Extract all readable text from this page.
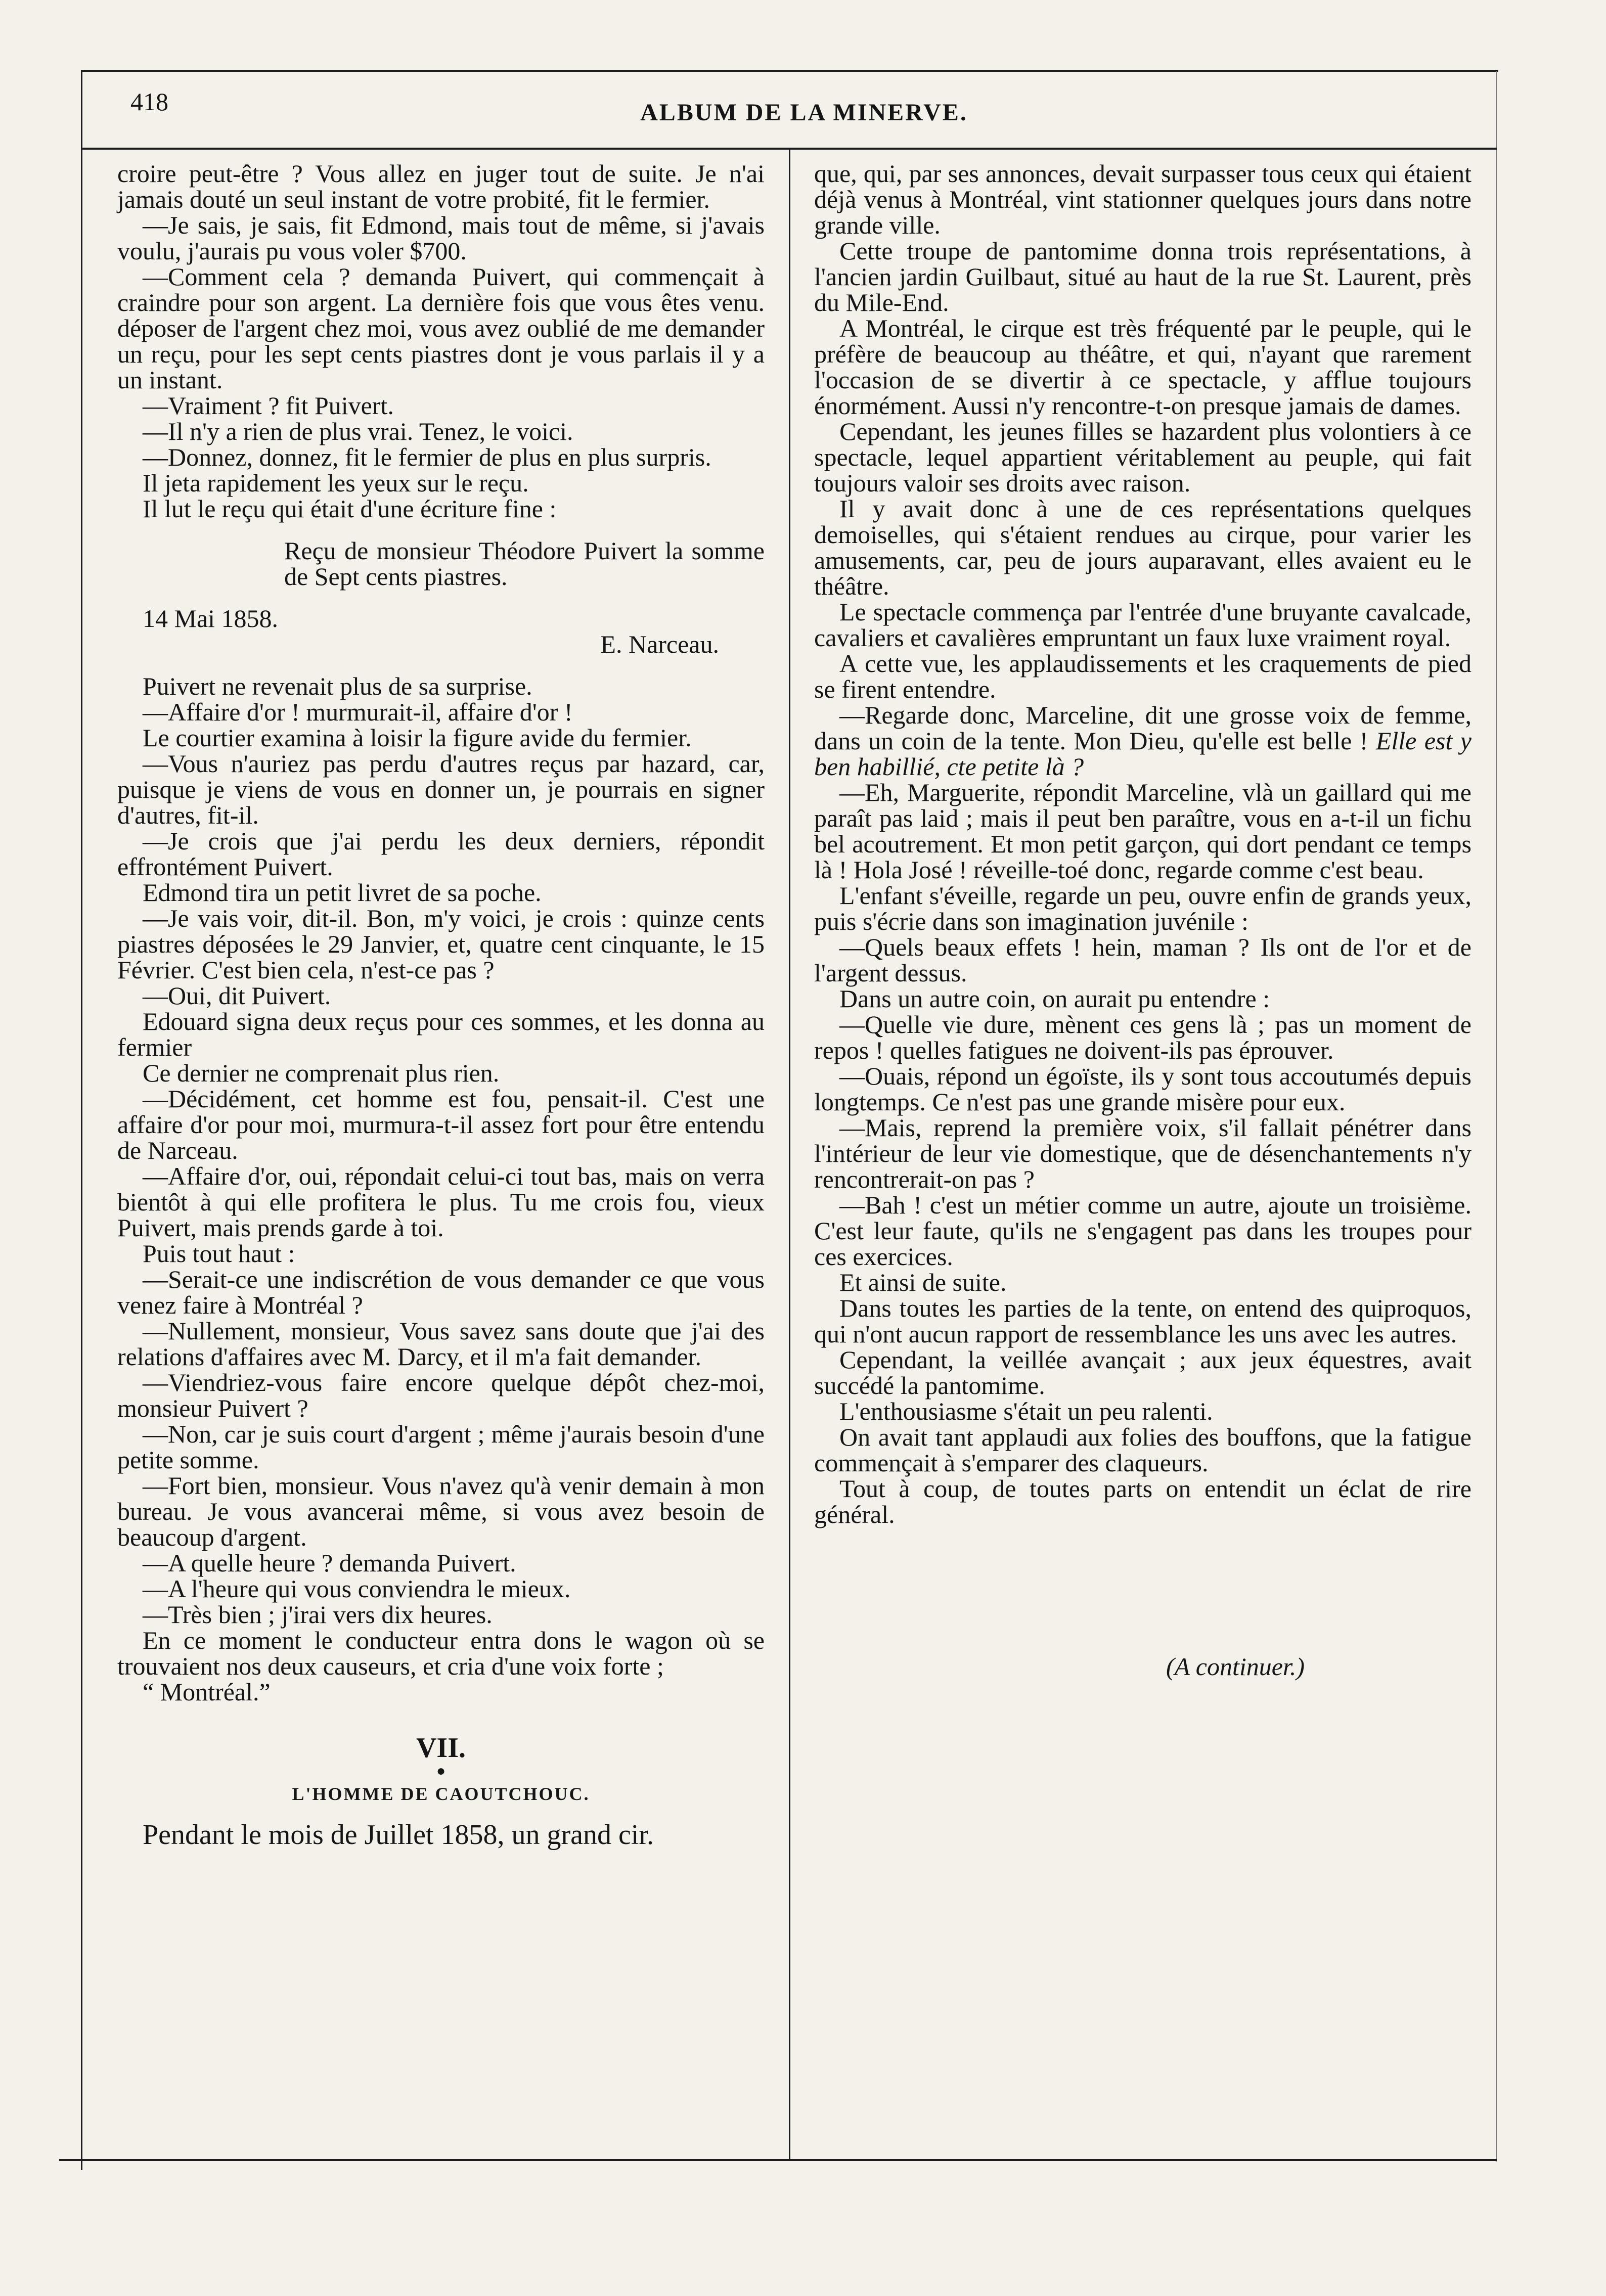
418	ALBUM DE LA MINERVE.

croire peut-être ? Vous allez en juger tout de suite. Je n'ai jamais douté un seul instant de votre probité, fit le fermier.

—Je sais, je sais, fit Edmond, mais tout de même, si j'avais voulu, j'aurais pu vous voler $700.

—Comment cela ? demanda Puivert, qui commençait à craindre pour son argent. La dernière fois que vous êtes venu. déposer de l'argent chez moi, vous avez oublié de me demander un reçu, pour les sept cents piastres dont je vous parlais il y a un instant.

—Vraiment ? fit Puivert.

—Il n'y a rien de plus vrai. Tenez, le voici.

—Donnez, donnez, fit le fermier de plus en plus surpris.

Il jeta rapidement les yeux sur le reçu.

Il lut le reçu qui était d'une écriture fine :

Reçu de monsieur Théodore Puivert la somme de Sept cents piastres.

14 Mai 1858.

E. Narceau.

Puivert ne revenait plus de sa surprise.

—Affaire d'or ! murmurait-il, affaire d'or !

Le courtier examina à loisir la figure avide du fermier.

—Vous n'auriez pas perdu d'autres reçus par hazard, car, puisque je viens de vous en donner un, je pourrais en signer d'autres, fit-il.

—Je crois que j'ai perdu les deux derniers, répondit effrontément Puivert.

Edmond tira un petit livret de sa poche.

—Je vais voir, dit-il. Bon, m'y voici, je crois : quinze cents piastres déposées le 29 Janvier, et, quatre cent cinquante, le 15 Février. C'est bien cela, n'est-ce pas ?

—Oui, dit Puivert.

Edouard signa deux reçus pour ces sommes, et les donna au fermier

Ce dernier ne comprenait plus rien.

—Décidément, cet homme est fou, pensait-il. C'est une affaire d'or pour moi, murmura-t-il assez fort pour être entendu de Narceau.

—Affaire d'or, oui, répondait celui-ci tout bas, mais on verra bientôt à qui elle profitera le plus. Tu me crois fou, vieux Puivert, mais prends garde à toi.

Puis tout haut :

—Serait-ce une indiscrétion de vous demander ce que vous venez faire à Montréal ?

—Nullement, monsieur, Vous savez sans doute que j'ai des relations d'affaires avec M. Darcy, et il m'a fait demander.

—Viendriez-vous faire encore quelque dépôt chez-moi, monsieur Puivert ?

—Non, car je suis court d'argent ; même j'aurais besoin d'une petite somme.

—Fort bien, monsieur. Vous n'avez qu'à venir demain à mon bureau. Je vous avancerai même, si vous avez besoin de beaucoup d'argent.

—A quelle heure ? demanda Puivert.

—A l'heure qui vous conviendra le mieux.

—Très bien ; j'irai vers dix heures.

En ce moment le conducteur entra dons le wagon où se trouvaient nos deux causeurs, et cria d'une voix forte ;

“ Montréal.”

VII.

●

L'HOMME DE CAOUTCHOUC.

Pendant le mois de Juillet 1858, un grand cir.

que, qui, par ses annonces, devait surpasser tous ceux qui étaient déjà venus à Montréal, vint stationner quelques jours dans notre grande ville.

Cette troupe de pantomime donna trois représentations, à l'ancien jardin Guilbaut, situé au haut de la rue St. Laurent, près du Mile-End.

A Montréal, le cirque est très fréquenté par le peuple, qui le préfère de beaucoup au théâtre, et qui, n'ayant que rarement l'occasion de se divertir à ce spectacle, y afflue toujours énormément. Aussi n'y rencontre-t-on presque jamais de dames.

Cependant, les jeunes filles se hazardent plus volontiers à ce spectacle, lequel appartient véritablement au peuple, qui fait toujours valoir ses droits avec raison.

Il y avait donc à une de ces représentations quelques demoiselles, qui s'étaient rendues au cirque, pour varier les amusements, car, peu de jours auparavant, elles avaient eu le théâtre.

Le spectacle commença par l'entrée d'une bruyante cavalcade, cavaliers et cavalières empruntant un faux luxe vraiment royal.

A cette vue, les applaudissements et les craquements de pied se firent entendre.

—Regarde donc, Marceline, dit une grosse voix de femme, dans un coin de la tente. Mon Dieu, qu'elle est belle ! Elle est y ben habillié, cte petite là ?

—Eh, Marguerite, répondit Marceline, vlà un gaillard qui me paraît pas laid ; mais il peut ben paraître, vous en a-t-il un fichu bel acoutrement. Et mon petit garçon, qui dort pendant ce temps là ! Hola José ! réveille-toé donc, regarde comme c'est beau.

L'enfant s'éveille, regarde un peu, ouvre enfin de grands yeux, puis s'écrie dans son imagination juvénile :

—Quels beaux effets ! hein, maman ? Ils ont de l'or et de l'argent dessus.

Dans un autre coin, on aurait pu entendre :

—Quelle vie dure, mènent ces gens là ; pas un moment de repos ! quelles fatigues ne doivent-ils pas éprouver.

—Ouais, répond un égoïste, ils y sont tous accoutumés depuis longtemps. Ce n'est pas une grande misère pour eux.

—Mais, reprend la première voix, s'il fallait pénétrer dans l'intérieur de leur vie domestique, que de désenchantements n'y rencontrerait-on pas ?

—Bah ! c'est un métier comme un autre, ajoute un troisième. C'est leur faute, qu'ils ne s'engagent pas dans les troupes pour ces exercices.

Et ainsi de suite.

Dans toutes les parties de la tente, on entend des quiproquos, qui n'ont aucun rapport de ressemblance les uns avec les autres.

Cependant, la veillée avançait ; aux jeux équestres, avait succédé la pantomime.

L'enthousiasme s'était un peu ralenti.

On avait tant applaudi aux folies des bouffons, que la fatigue commençait à s'emparer des claqueurs.

Tout à coup, de toutes parts on entendit un éclat de rire général.

(A continuer.)
